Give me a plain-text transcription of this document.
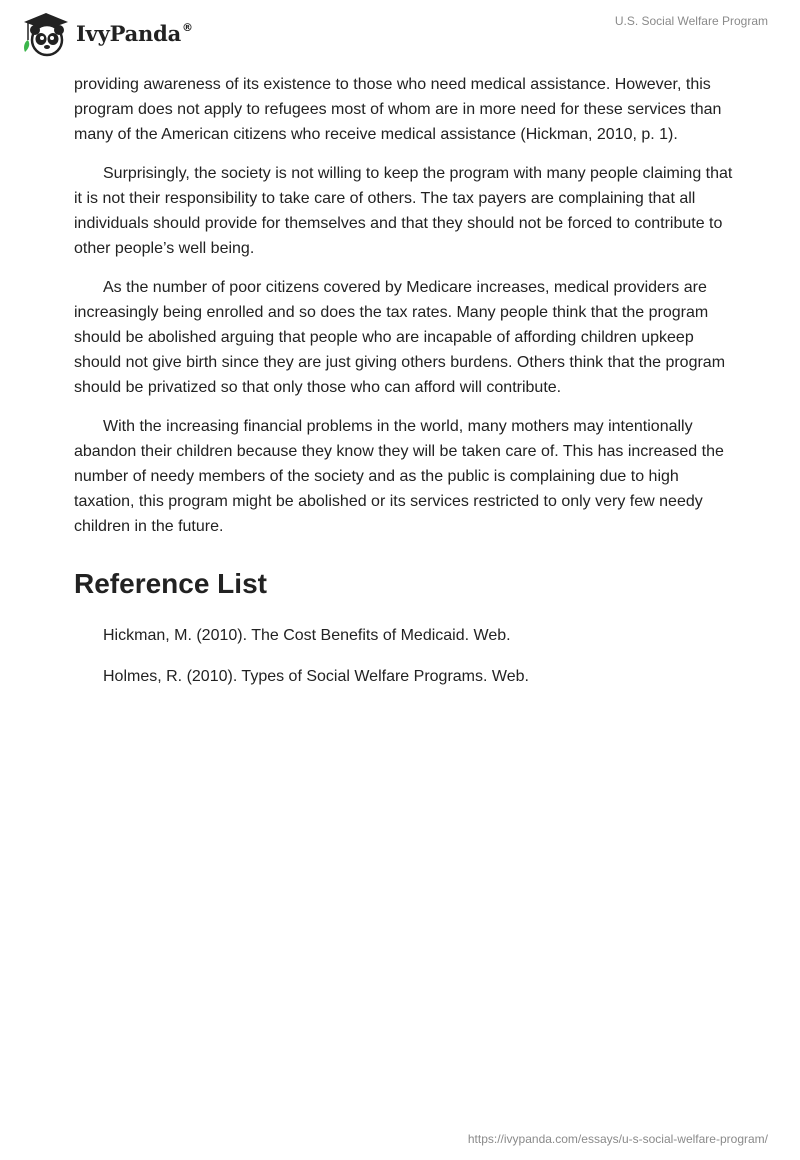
IvyPanda®	U.S. Social Welfare Program

providing awareness of its existence to those who need medical assistance. However, this program does not apply to refugees most of whom are in more need for these services than many of the American citizens who receive medical assistance (Hickman, 2010, p. 1).

Surprisingly, the society is not willing to keep the program with many people claiming that it is not their responsibility to take care of others. The tax payers are complaining that all individuals should provide for themselves and that they should not be forced to contribute to other people’s well being.

As the number of poor citizens covered by Medicare increases, medical providers are increasingly being enrolled and so does the tax rates. Many people think that the program should be abolished arguing that people who are incapable of affording children upkeep should not give birth since they are just giving others burdens. Others think that the program should be privatized so that only those who can afford will contribute.

With the increasing financial problems in the world, many mothers may intentionally abandon their children because they know they will be taken care of. This has increased the number of needy members of the society and as the public is complaining due to high taxation, this program might be abolished or its services restricted to only very few needy children in the future.

Reference List
Hickman, M. (2010). The Cost Benefits of Medicaid. Web.
Holmes, R. (2010). Types of Social Welfare Programs. Web.
https://ivypanda.com/essays/u-s-social-welfare-program/
